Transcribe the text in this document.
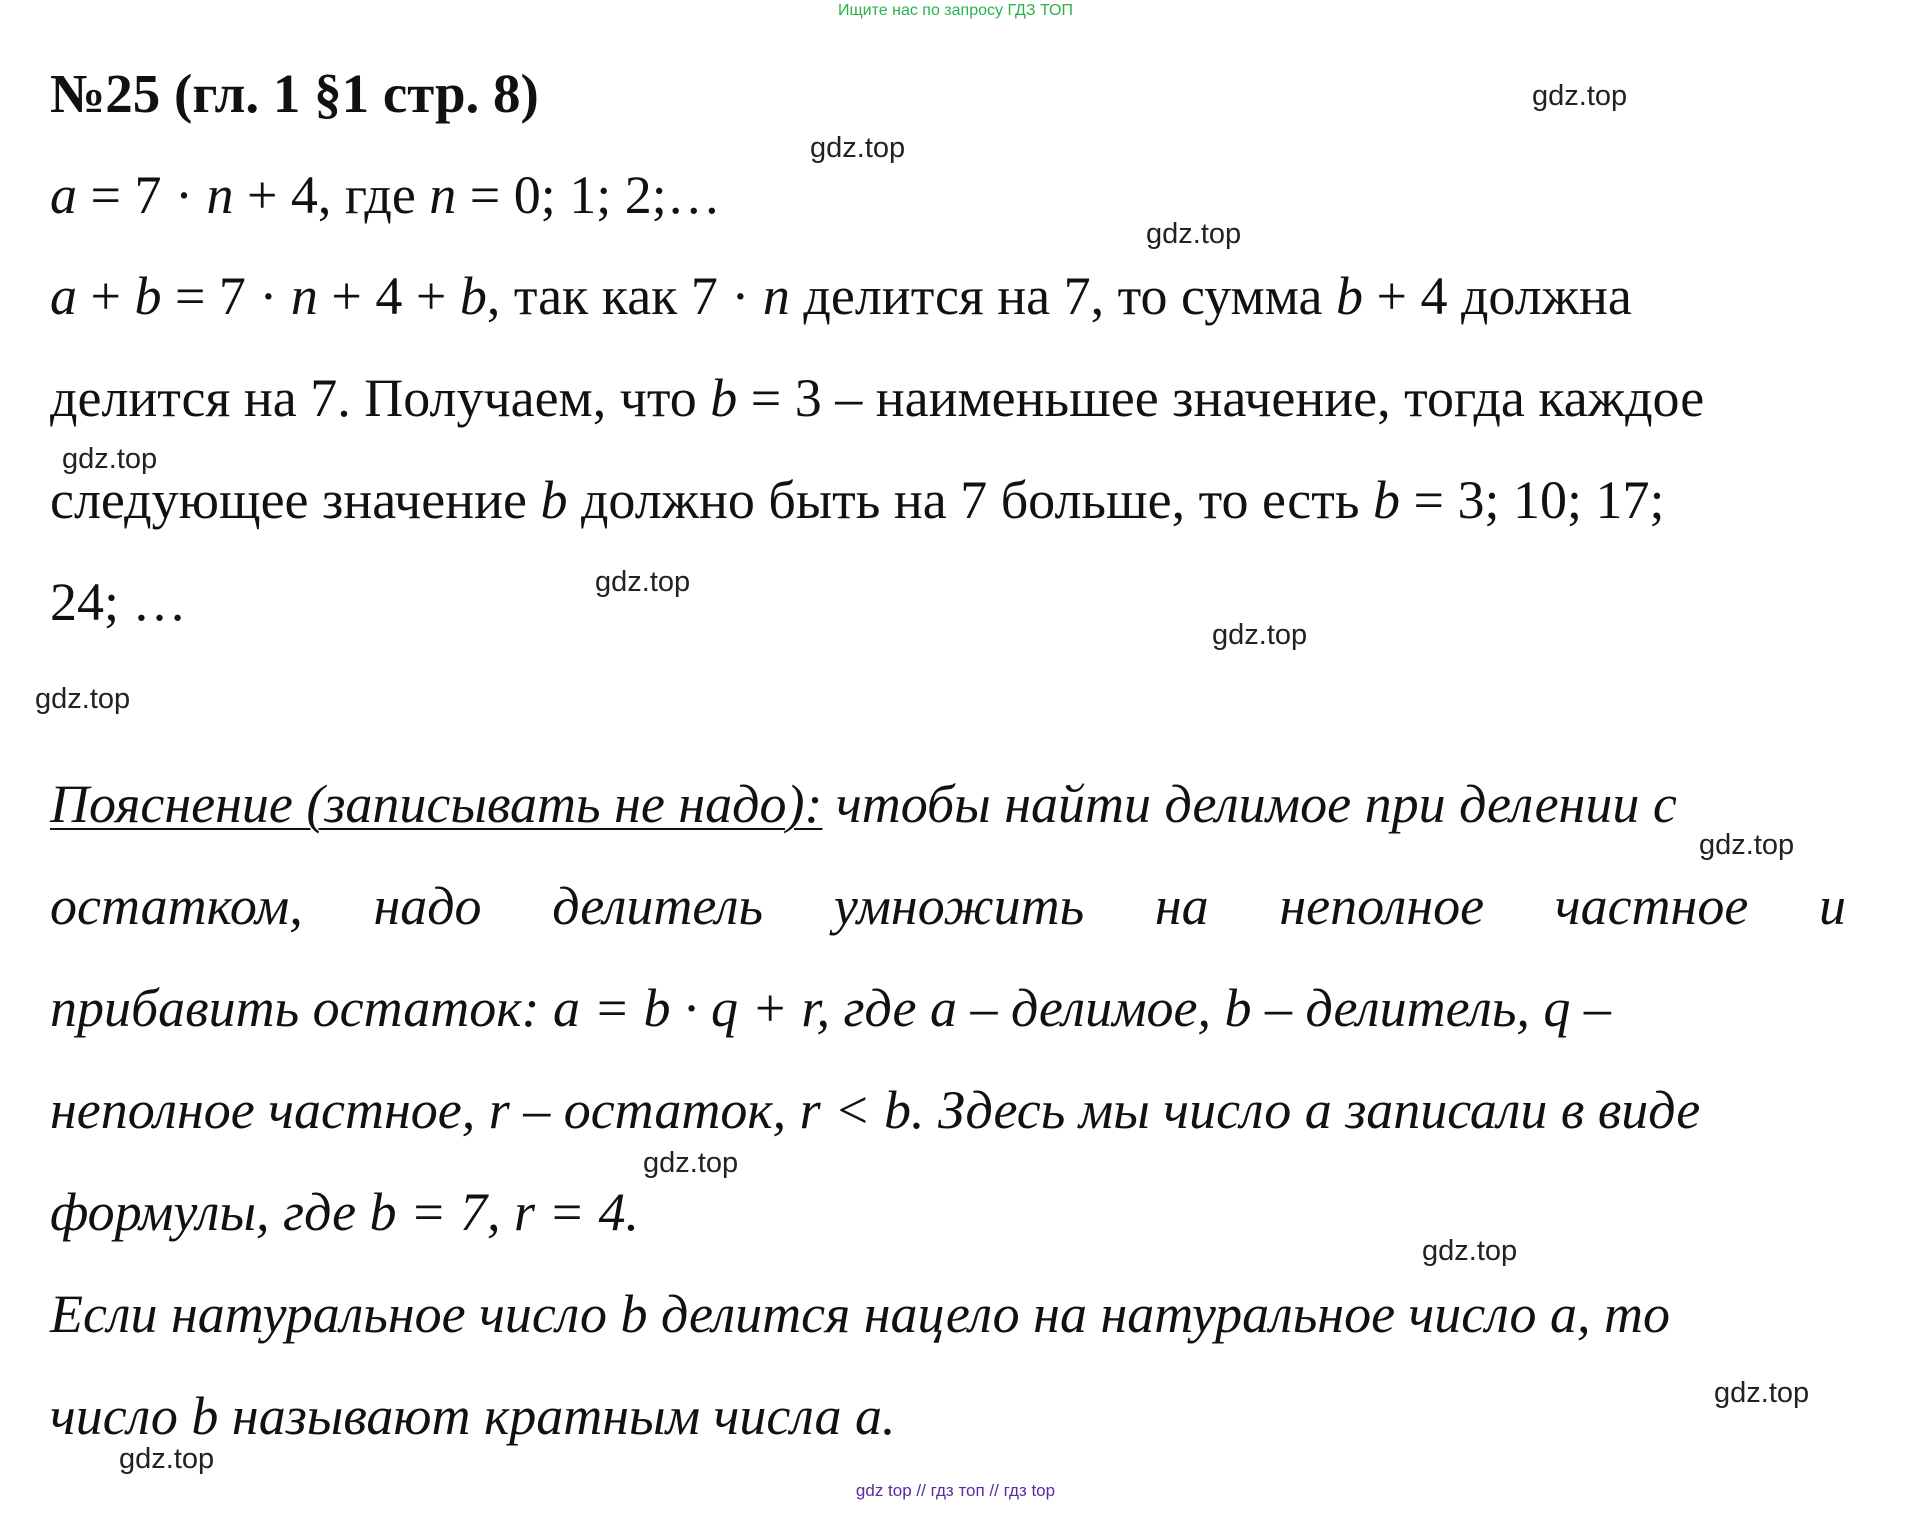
Ищите нас по запросу ГДЗ ТОП
№25 (гл. 1 §1 стр. 8)
a = 7 · n + 4, где n = 0; 1; 2;…
a + b = 7 · n + 4 + b, так как 7 · n делится на 7, то сумма b + 4 должна
делится на 7. Получаем, что b = 3 – наименьшее значение, тогда каждое
следующее значение b должно быть на 7 больше, то есть b = 3; 10; 17;
24; …
Пояснение (записывать не надо): чтобы найти делимое при делении с
остатком, надо делитель умножить на неполное частное и
прибавить остаток: a = b · q + r, где a – делимое, b – делитель, q –
неполное частное, r – остаток, r < b. Здесь мы число а записали в виде
формулы, где b = 7, r = 4.
Если натуральное число b делится нацело на натуральное число a, то
число b называют кратным числа a.
gdz.top
gdz.top
gdz.top
gdz.top
gdz.top
gdz.top
gdz.top
gdz.top
gdz.top
gdz.top
gdz.top
gdz.top
gdz top // гдз топ // гдз top
